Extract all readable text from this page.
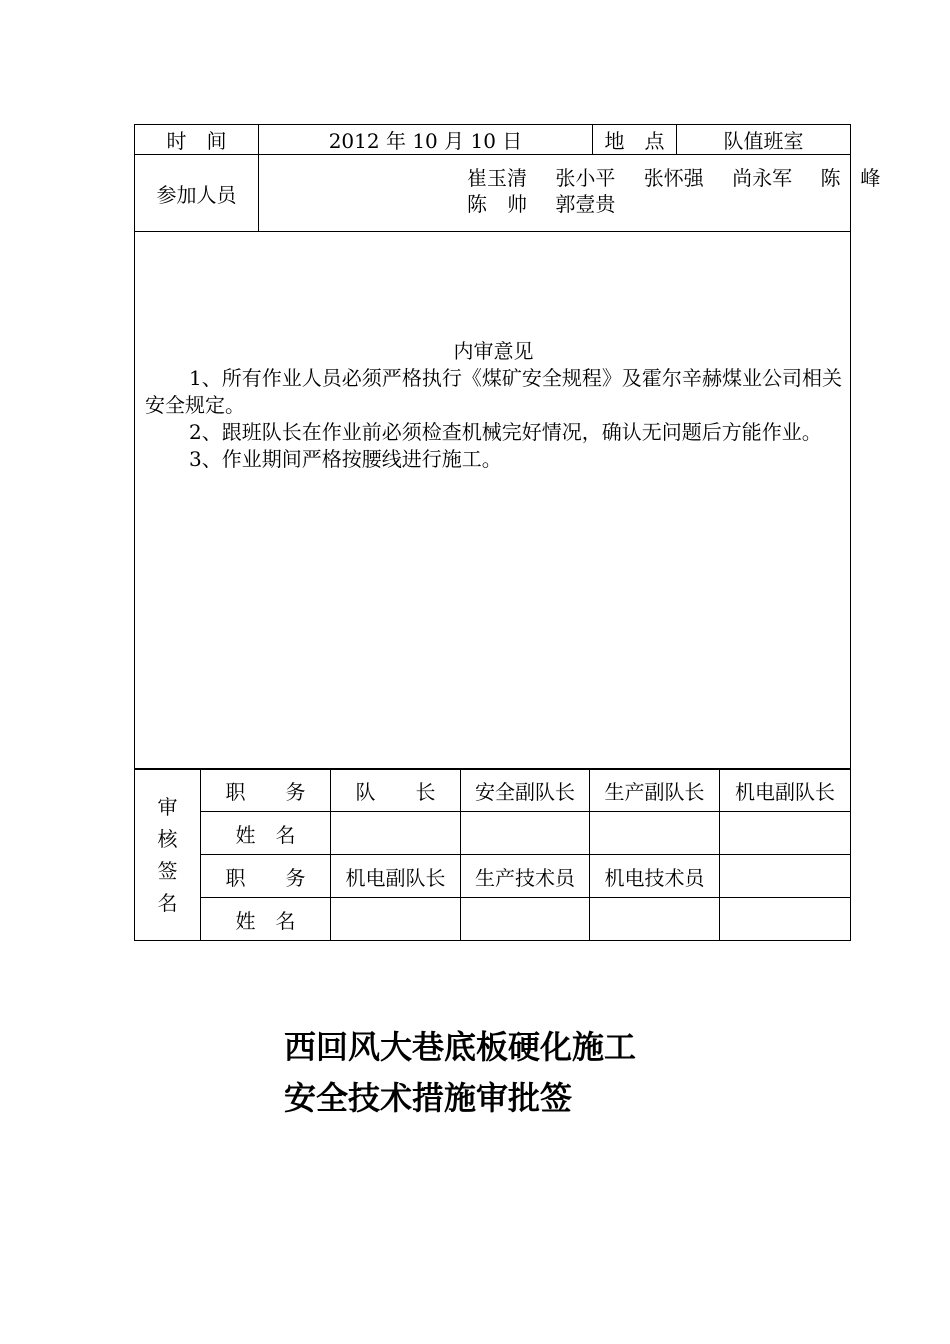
时　间	2012 年 10 月 10 日	地　点	队值班室
参加人员	崔玉清 张小平 张怀强 尚永军 陈　峰
陈　帅 郭壹贵		

内审意见

1、所有作业人员必须严格执行《煤矿安全规程》及霍尔辛赫煤业公司相关安全规定。

2、跟班队长在作业前必须检查机械完好情况，确认无问题后方能作业。

3、作业期间严格按腰线进行施工。			

审
核
签
名	职　　务	队　　长	安全副队长	生产副队长	机电副队长
	姓　名				
	职　　务	机电副队长	生产技术员	机电技术员	
	姓　名				
西回风大巷底板硬化施工
安全技术措施审批签
